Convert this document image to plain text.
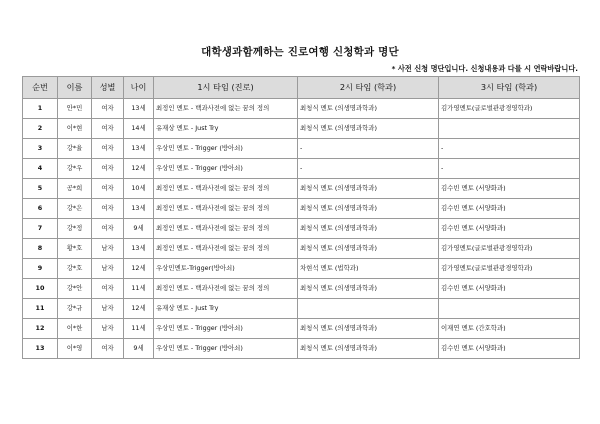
대학생과함께하는 진로여행 신청학과 명단
* 사전 신청 명단입니다. 신청내용과 다를 시 연락바랍니다.
순번	이름	성별	나이	1시 타임 (진로)	2시 타임 (학과)	3시 타임 (학과)
1	안*민	여자	13세	최정인 멘토 - 백과사전에 없는 꿈의 정의	최청식 멘토 (의생명과학과)	김가영멘토(글로벌관광경영학과)
2	이*현	여자	14세	유재상 멘토 - Just Try	최청식 멘토 (의생명과학과)	
3	강*율	여자	13세	우상민 멘토 - Trigger (방아쇠)	-	-
4	강*우	여자	12세	우상민 멘토 - Trigger (방아쇠)	-	-
5	공*희	여자	10세	최정인 멘토 - 백과사전에 없는 꿈의 정의	최청식 멘토 (의생명과학과)	김수빈 멘토 (서양화과)
6	강*은	여자	13세	최정인 멘토 - 백과사전에 없는 꿈의 정의	최청식 멘토 (의생명과학과)	김수빈 멘토 (서양화과)
7	강*정	여자	9세	최정인 멘토 - 백과사전에 없는 꿈의 정의	최청식 멘토 (의생명과학과)	김수빈 멘토 (서양화과)
8	황*호	남자	13세	최정인 멘토 - 백과사전에 없는 꿈의 정의	최청식 멘토 (의생명과학과)	김가영멘토(글로벌관광경영학과)
9	강*호	남자	12세	우상민멘토-Trigger(방아쇠)	차현석 멘토 (법학과)	김가영멘토(글로벌관광경영학과)
10	강*안	여자	11세	최정인 멘토 - 백과사전에 없는 꿈의 정의	최청식 멘토 (의생명과학과)	김수빈 멘토 (서양화과)
11	강*규	남자	12세	유재상 멘토 - Just Try		
12	이*한	남자	11세	우상민 멘토 - Trigger (방아쇠)	최청식 멘토 (의생명과학과)	이재연 멘토 (간호학과)
13	이*영	여자	9세	우상민 멘토 - Trigger (방아쇠)	최청식 멘토 (의생명과학과)	김수빈 멘토 (서양화과)
